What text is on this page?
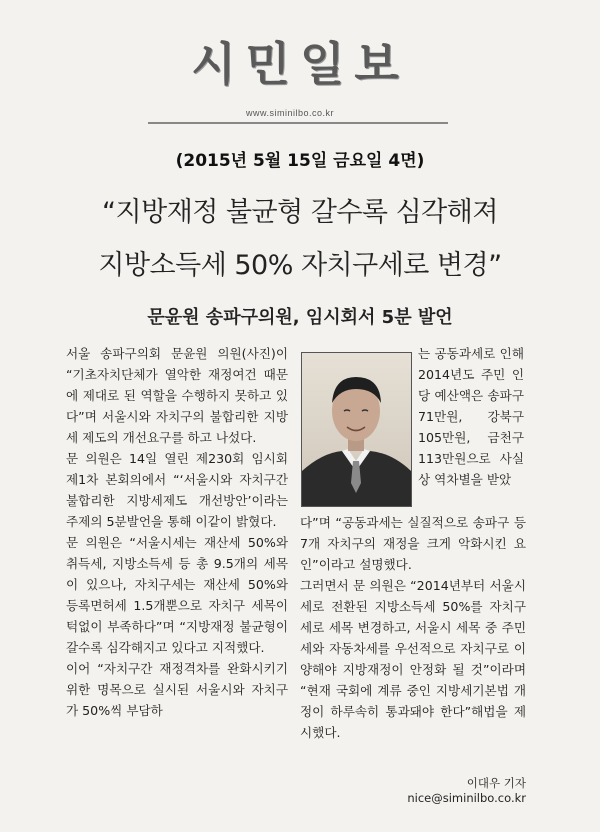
시민일보
www.siminilbo.co.kr
(2015년 5월 15일 금요일 4면)
“지방재정 불균형 갈수록 심각해져
지방소득세 50% 자치구세로 변경”
문윤원 송파구의원, 임시회서 5분 발언

서울 송파구의회 문윤원 의원(사진)이 “기초자치단체가 열악한 재정여건 때문에 제대로 된 역할을 수행하지 못하고 있다”며 서울시와 자치구의 불합리한 지방세 제도의 개선요구를 하고 나섰다.

문 의원은 14일 열린 제230회 임시회 제1차 본회의에서 “‘서울시와 자치구간 불합리한 지방세제도 개선방안’이라는 주제의 5분발언을 통해 이같이 밝혔다.

문 의원은 “서울시세는 재산세 50%와 취득세, 지방소득세 등 총 9.5개의 세목이 있으나, 자치구세는 재산세 50%와 등록면허세 1.5개뿐으로 자치구 세목이 턱없이 부족하다”며 “지방재정 불균형이 갈수록 심각해지고 있다고 지적했다.

이어 “자치구간 재정격차를 완화시키기 위한 명목으로 실시된 서울시와 자치구가 50%씩 부담하

는 공동과세로 인해 2014년도 주민 인당 예산액은 송파구 71만원, 강북구 105만원, 금천구 113만원으로 사실상 역차별을 받았

다”며 “공동과세는 실질적으로 송파구 등 7개 자치구의 재정을 크게 악화시킨 요인”이라고 설명했다.

그러면서 문 의원은 “2014년부터 서울시세로 전환된 지방소득세 50%를 자치구세로 세목 변경하고, 서울시 세목 중 주민세와 자동차세를 우선적으로 자치구로 이양해야 지방재정이 안정화 될 것”이라며 “현재 국회에 계류 중인 지방세기본법 개정이 하루속히 통과돼야 한다”해법을 제시했다.

이대우 기자 nice@siminilbo.co.kr
